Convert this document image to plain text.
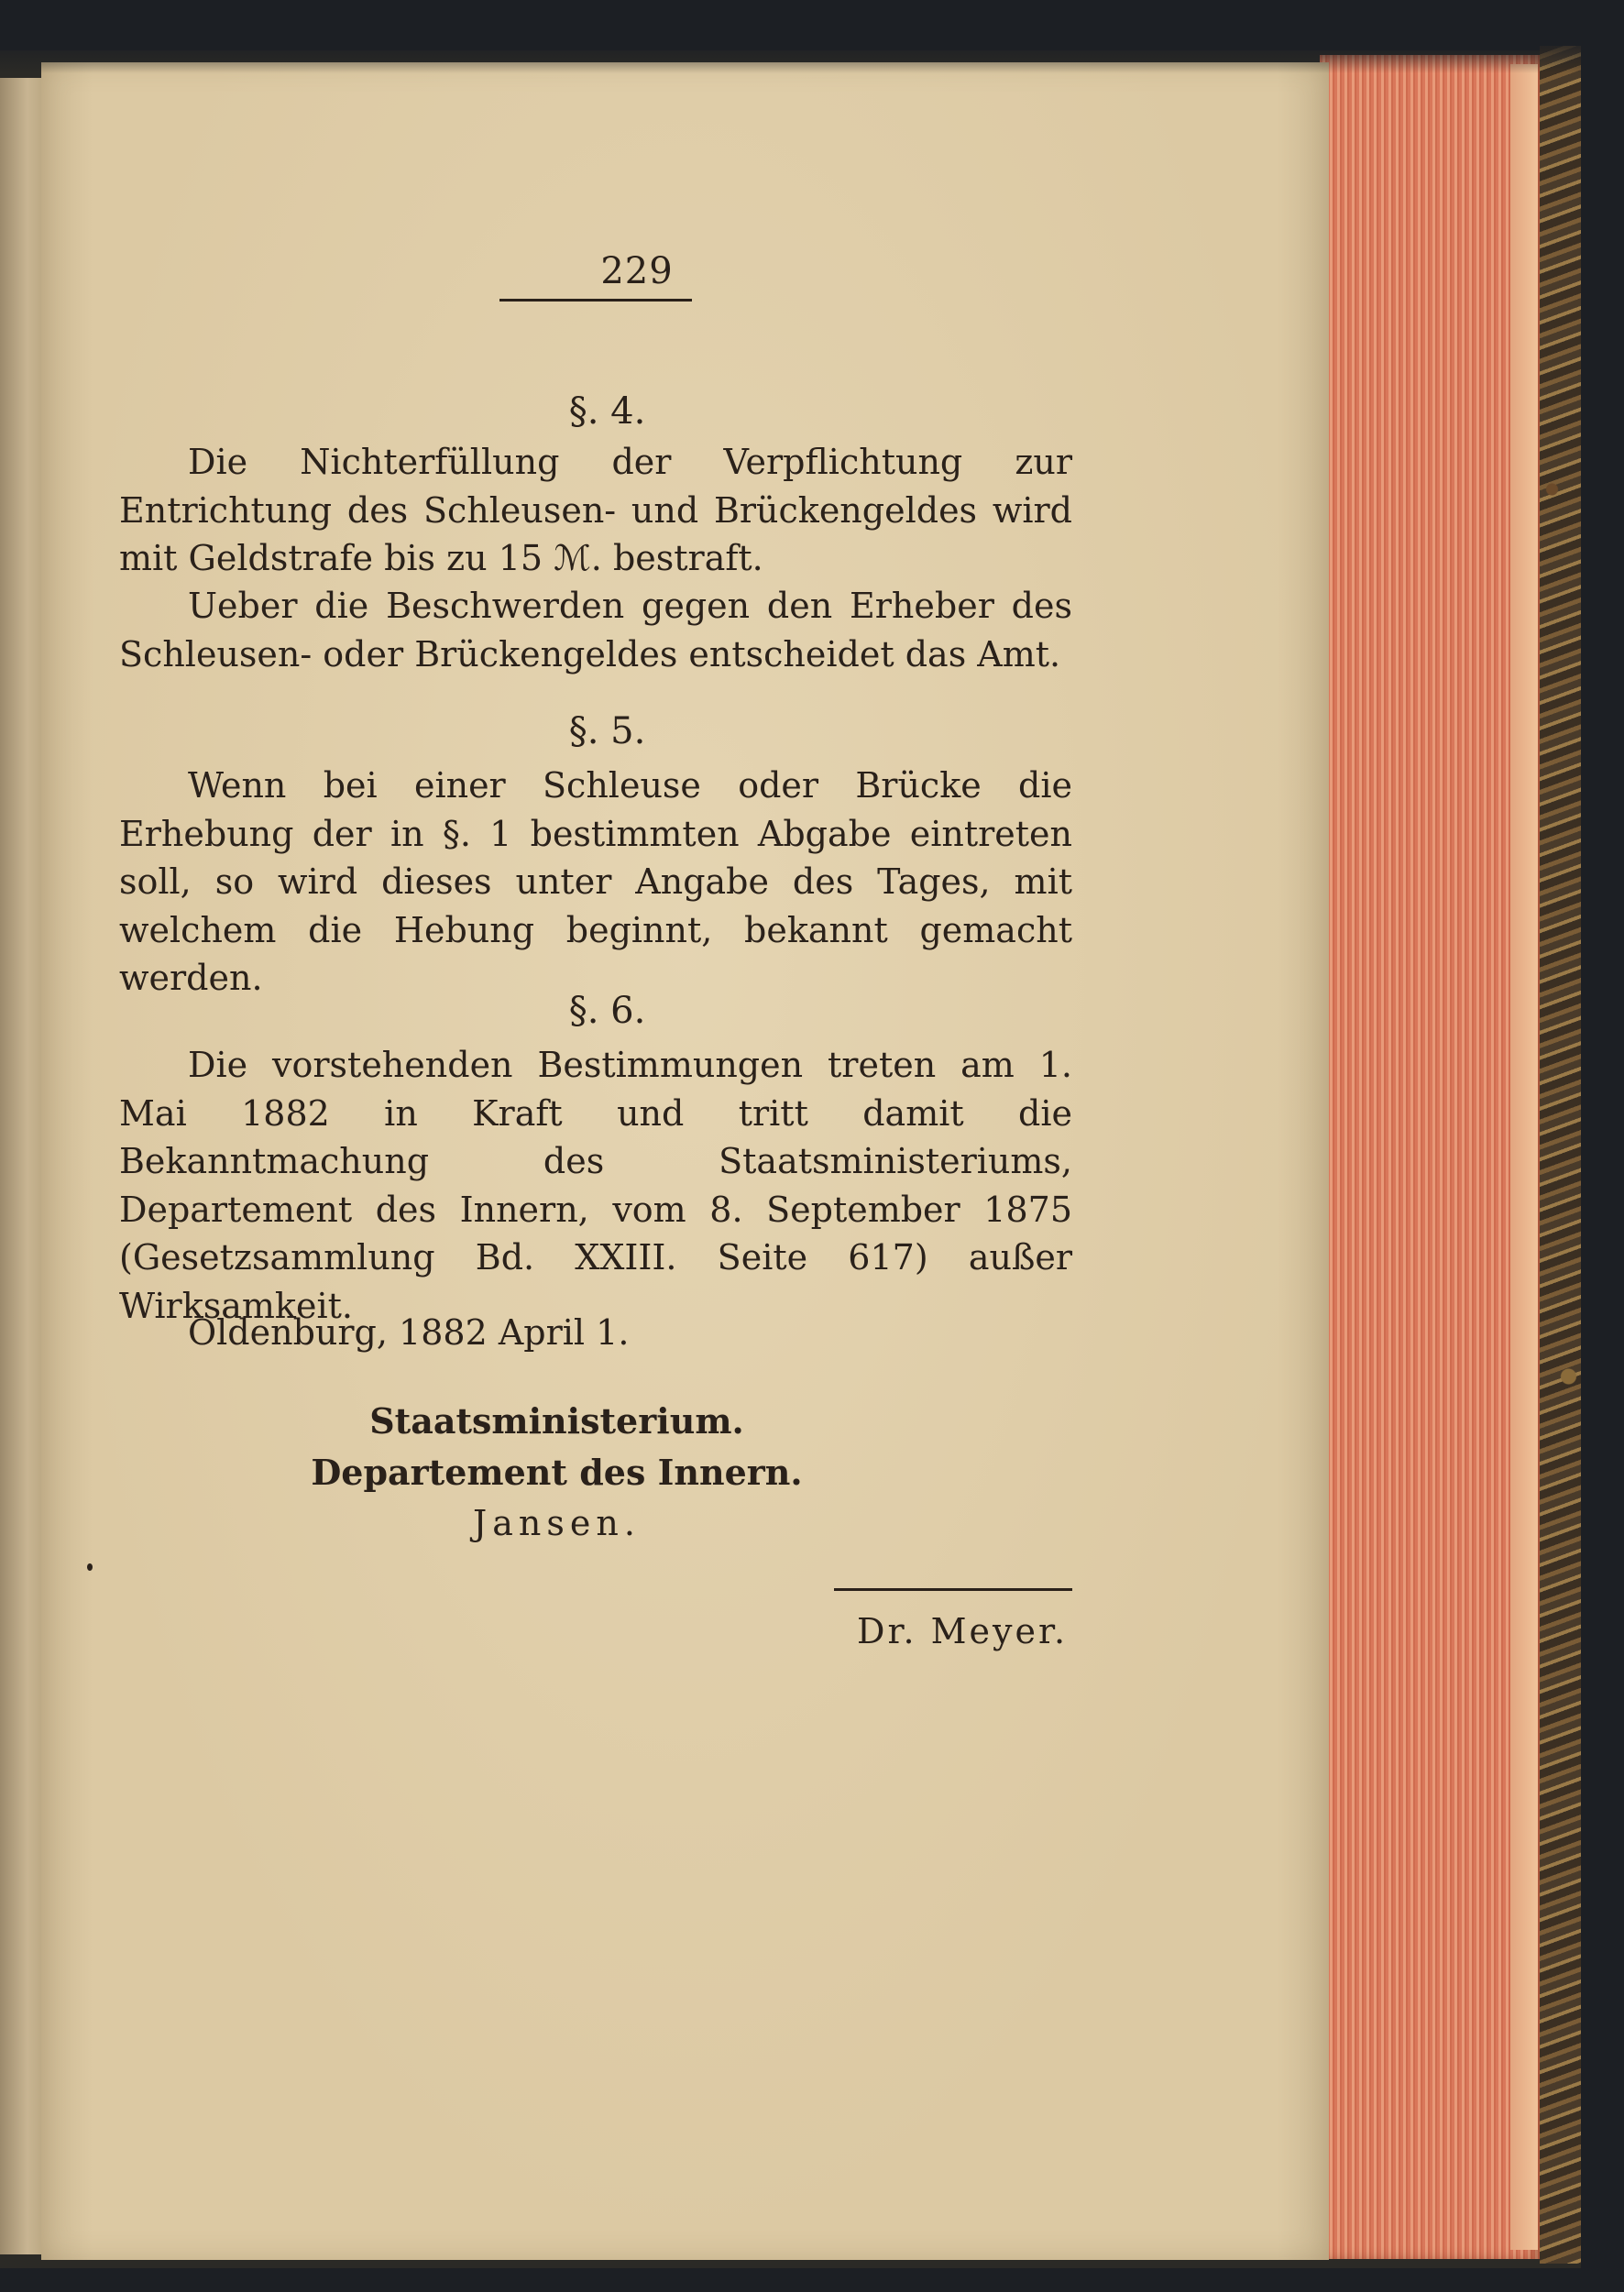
229
§. 4.
Die Nichterfüllung der Verpflichtung zur Entrichtung des Schleusen- und Brückengeldes wird mit Geldstrafe bis zu 15 ℳ. bestraft.
Ueber die Beschwerden gegen den Erheber des Schleusen- oder Brückengeldes entscheidet das Amt.
§. 5.
Wenn bei einer Schleuse oder Brücke die Erhebung der in §. 1 bestimmten Abgabe eintreten soll, so wird dieses unter Angabe des Tages, mit welchem die Hebung beginnt, bekannt gemacht werden.
§. 6.
Die vorstehenden Bestimmungen treten am 1. Mai 1882 in Kraft und tritt damit die Bekanntmachung des Staatsministeriums, Departement des Innern, vom 8. September 1875 (Gesetzsammlung Bd. XXIII. Seite 617) außer Wirksamkeit.
Oldenburg, 1882 April 1.
Staatsministerium.
Departement des Innern.
Jansen.
Dr. Meyer.
